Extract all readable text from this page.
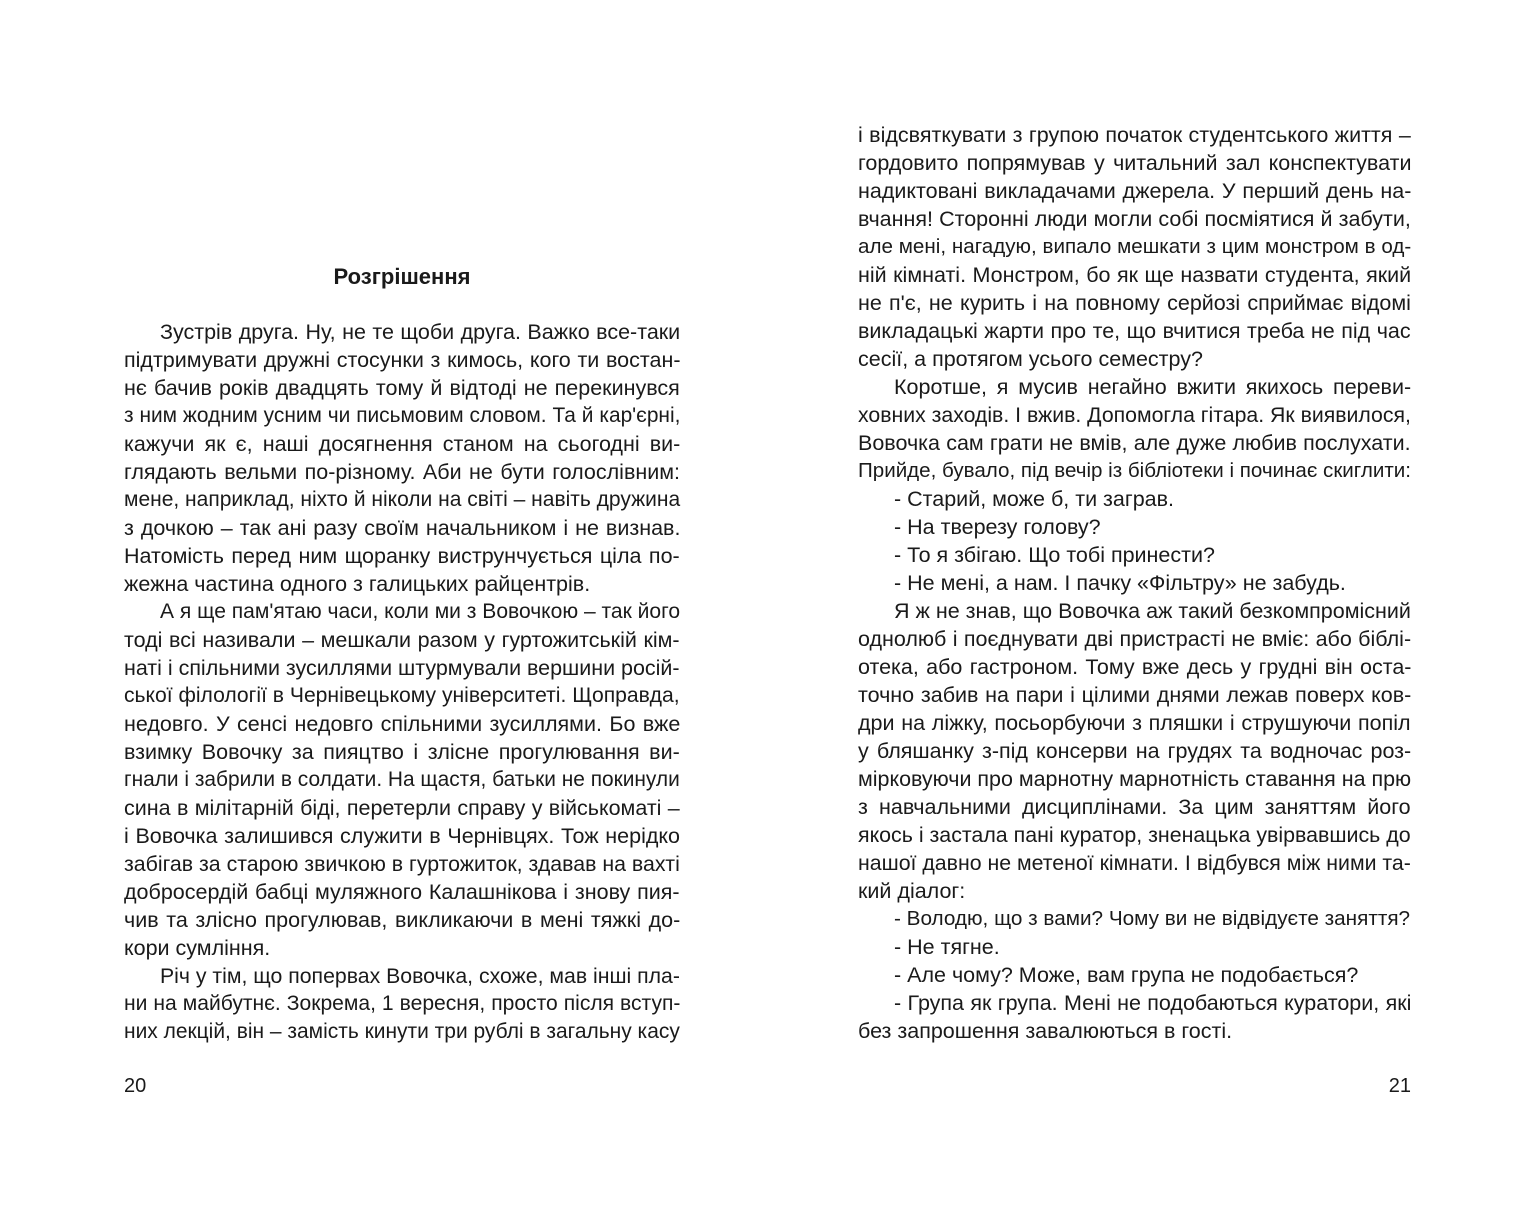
Розгрішення
Зустрів друга. Ну, не те щоби друга. Важко все-таки
підтримувати дружні стосунки з кимось, кого ти востан-
нє бачив років двадцять тому й відтоді не перекинувся
з ним жодним усним чи письмовим словом. Та й кар'єрні,
кажучи як є, наші досягнення станом на сьогодні ви-
глядають вельми по-різному. Аби не бути голослівним:
мене, наприклад, ніхто й ніколи на світі – навіть дружина
з дочкою – так ані разу своїм начальником і не визнав.
Натомість перед ним щоранку виструнчується ціла по-
жежна частина одного з галицьких райцентрів.
А я ще пам'ятаю часи, коли ми з Вовочкою – так його
тоді всі називали – мешкали разом у гуртожитській кім-
наті і спільними зусиллями штурмували вершини росій-
ської філології в Чернівецькому університеті. Щоправда,
недовго. У сенсі недовго спільними зусиллями. Бо вже
взимку Вовочку за пияцтво і злісне прогулювання ви-
гнали і забрили в солдати. На щастя, батьки не покинули
сина в мілітарній біді, перетерли справу у військоматі –
і Вовочка залишився служити в Чернівцях. Тож нерідко
забігав за старою звичкою в гуртожиток, здавав на вахті
добросердій бабці муляжного Калашнікова і знову пия-
чив та злісно прогулював, викликаючи в мені тяжкі до-
кори сумління.
Річ у тім, що попервах Вовочка, схоже, мав інші пла-
ни на майбутнє. Зокрема, 1 вересня, просто після вступ-
них лекцій, він – замість кинути три рублі в загальну касу
20
і відсвяткувати з групою початок студентського життя –
гордовито попрямував у читальний зал конспектувати
надиктовані викладачами джерела. У перший день на-
вчання! Сторонні люди могли собі посміятися й забути,
але мені, нагадую, випало мешкати з цим монстром в од-
ній кімнаті. Монстром, бо як ще назвати студента, який
не п'є, не курить і на повному серйозі сприймає відомі
викладацькі жарти про те, що вчитися треба не під час
сесії, а протягом усього семестру?
Коротше, я мусив негайно вжити якихось переви-
ховних заходів. І вжив. Допомогла гітара. Як виявилося,
Вовочка сам грати не вмів, але дуже любив послухати.
Прийде, бувало, під вечір із бібліотеки і починає скиглити:
- Старий, може б, ти заграв.
- На тверезу голову?
- То я збігаю. Що тобі принести?
- Не мені, а нам. І пачку «Фільтру» не забудь.
Я ж не знав, що Вовочка аж такий безкомпромісний
однолюб і поєднувати дві пристрасті не вміє: або біблі-
отека, або гастроном. Тому вже десь у грудні він оста-
точно забив на пари і цілими днями лежав поверх ков-
дри на ліжку, посьорбуючи з пляшки і струшуючи попіл
у бляшанку з-під консерви на грудях та водночас роз-
мірковуючи про марнотну марнотність ставання на прю
з навчальними дисциплінами. За цим заняттям його
якось і застала пані куратор, зненацька увірвавшись до
нашої давно не метеної кімнати. І відбувся між ними та-
кий діалог:
- Володю, що з вами? Чому ви не відвідуєте заняття?
- Не тягне.
- Але чому? Може, вам група не подобається?
- Група як група. Мені не подобаються куратори, які
без запрошення завалюються в гості.
21
